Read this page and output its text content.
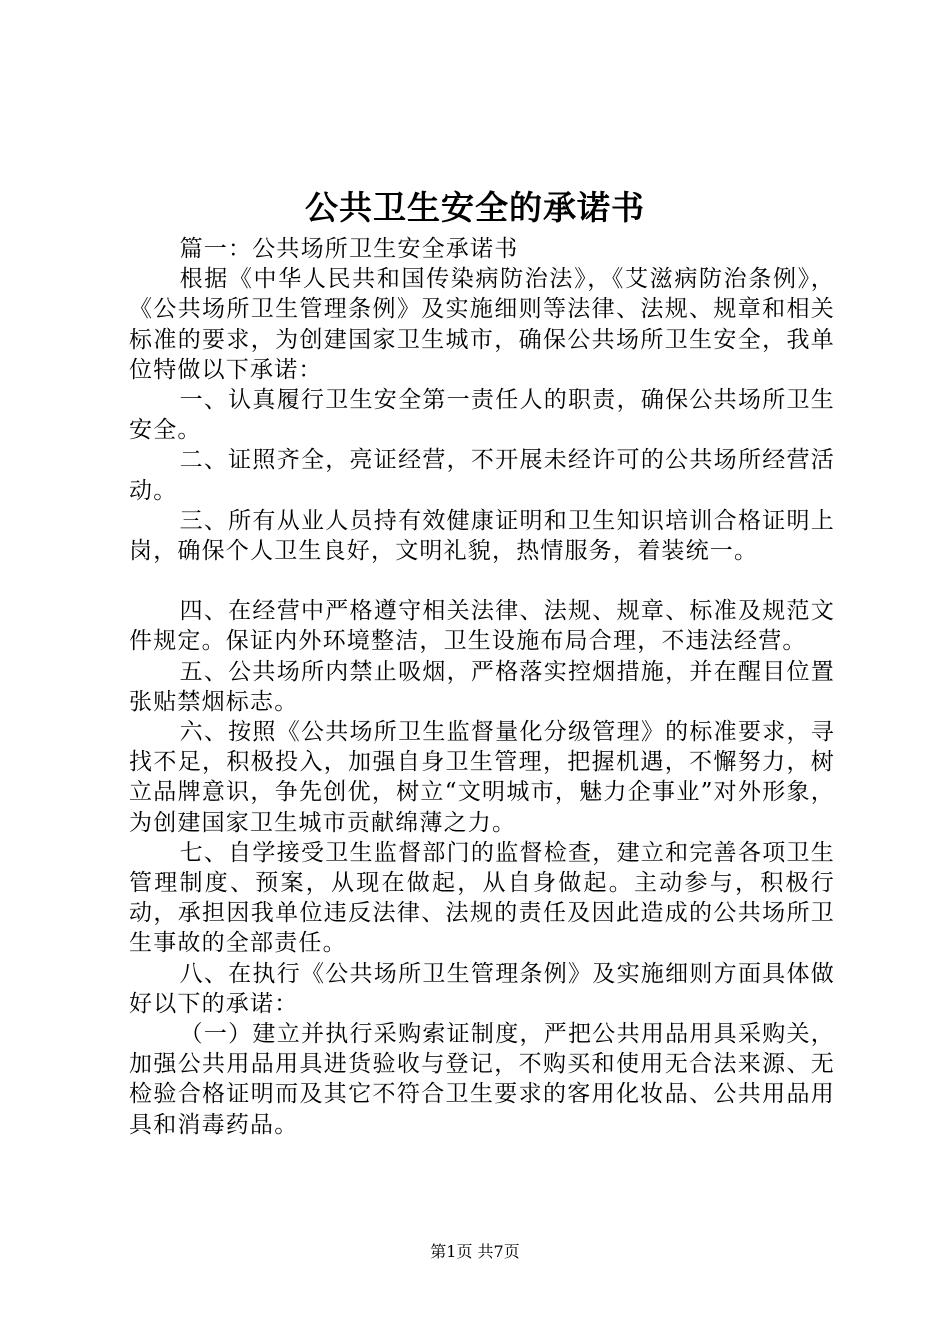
公共卫生安全的承诺书

篇一：公共场所卫生安全承诺书

根据《中华人民共和国传染病防治法》，《艾滋病防治条例》，《公共场所卫生管理条例》及实施细则等法律、法规、规章和相关标准的要求，为创建国家卫生城市，确保公共场所卫生安全，我单位特做以下承诺：

一、认真履行卫生安全第一责任人的职责，确保公共场所卫生安全。

二、证照齐全，亮证经营，不开展未经许可的公共场所经营活动。

三、所有从业人员持有效健康证明和卫生知识培训合格证明上岗，确保个人卫生良好，文明礼貌，热情服务，着装统一。

四、在经营中严格遵守相关法律、法规、规章、标准及规范文件规定。保证内外环境整洁，卫生设施布局合理，不违法经营。

五、公共场所内禁止吸烟，严格落实控烟措施，并在醒目位置张贴禁烟标志。

六、按照《公共场所卫生监督量化分级管理》的标准要求，寻找不足，积极投入，加强自身卫生管理，把握机遇，不懈努力，树立品牌意识，争先创优，树立“文明城市，魅力企事业”对外形象，为创建国家卫生城市贡献绵薄之力。

七、自学接受卫生监督部门的监督检查，建立和完善各项卫生管理制度、预案，从现在做起，从自身做起。主动参与，积极行动，承担因我单位违反法律、法规的责任及因此造成的公共场所卫生事故的全部责任。

八、在执行《公共场所卫生管理条例》及实施细则方面具体做好以下的承诺：

（一）建立并执行采购索证制度，严把公共用品用具采购关，加强公共用品用具进货验收与登记，不购买和使用无合法来源、无检验合格证明而及其它不符合卫生要求的客用化妆品、公共用品用具和消毒药品。

第1页 共7页
